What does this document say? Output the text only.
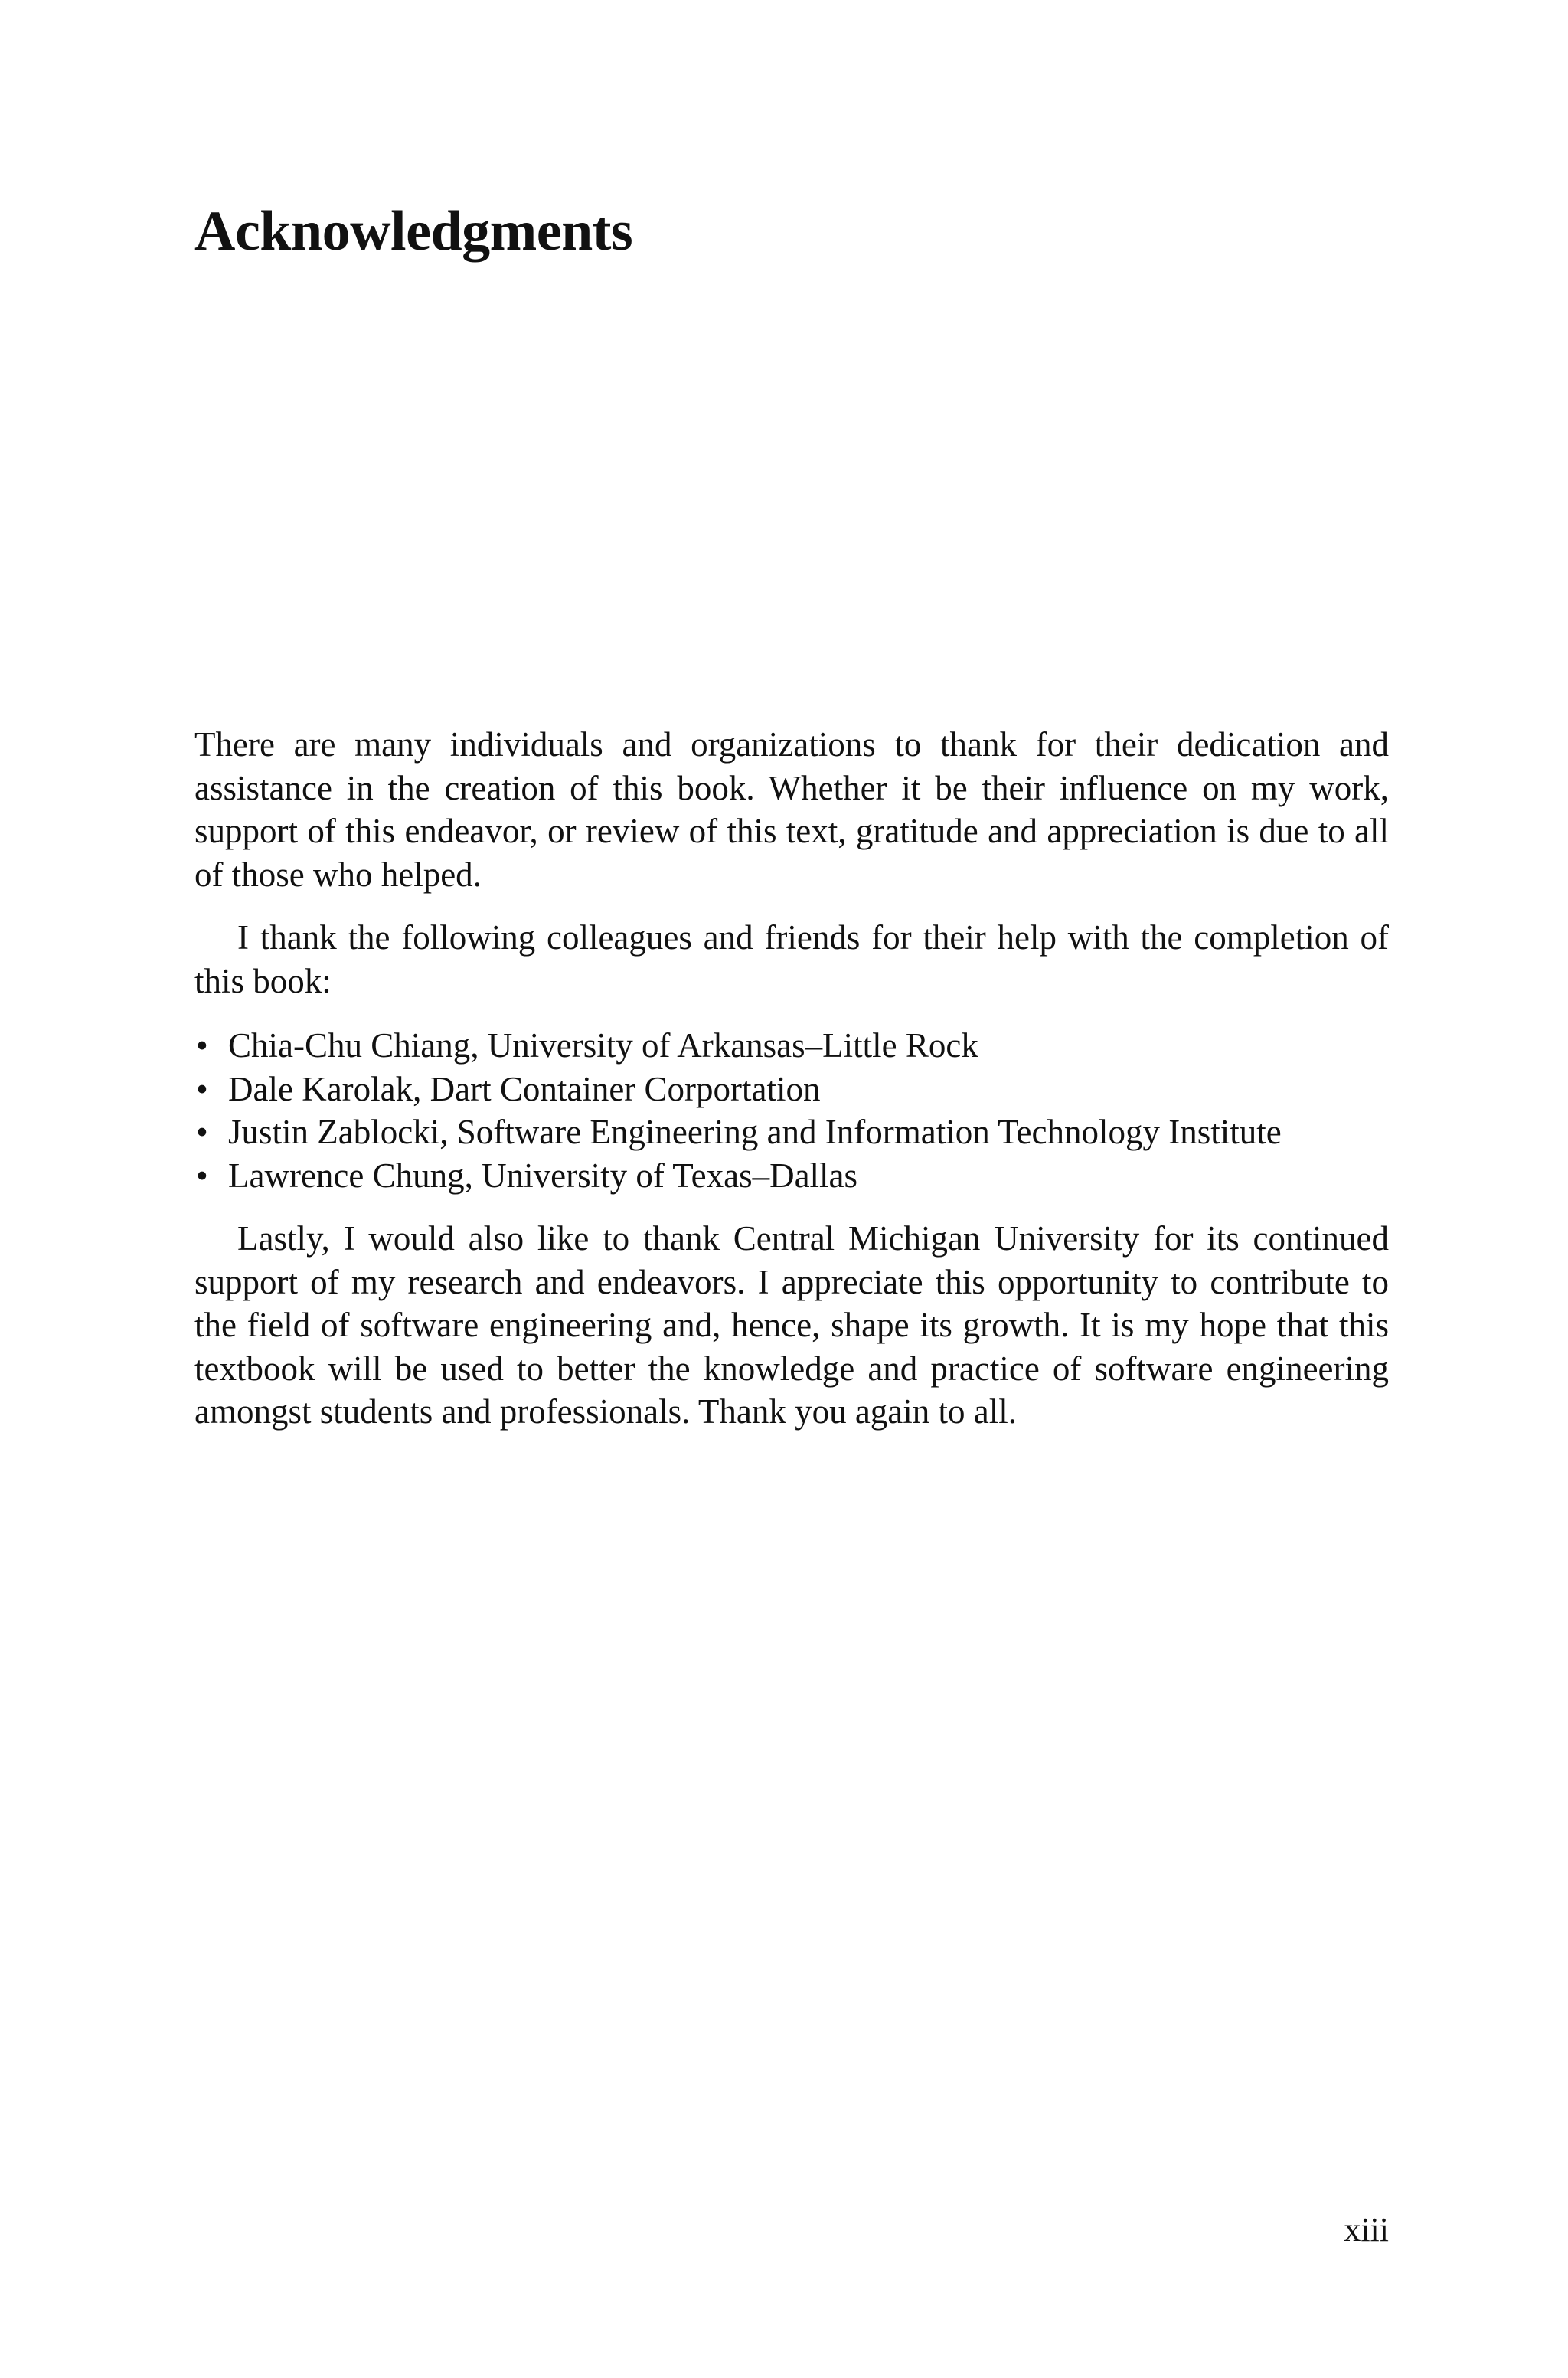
Acknowledgments

There are many individuals and organizations to thank for their dedication and assistance in the creation of this book. Whether it be their influence on my work, support of this endeavor, or review of this text, gratitude and appreciation is due to all of those who helped.

I thank the following colleagues and friends for their help with the completion of this book:

• Chia-Chu Chiang, University of Arkansas–Little Rock
• Dale Karolak, Dart Container Corportation
• Justin Zablocki, Software Engineering and Information Technology Institute
• Lawrence Chung, University of Texas–Dallas

Lastly, I would also like to thank Central Michigan University for its continued support of my research and endeavors. I appreciate this opportunity to contribute to the field of software engineering and, hence, shape its growth. It is my hope that this textbook will be used to better the knowledge and practice of software engineering amongst students and professionals. Thank you again to all.

xiii
